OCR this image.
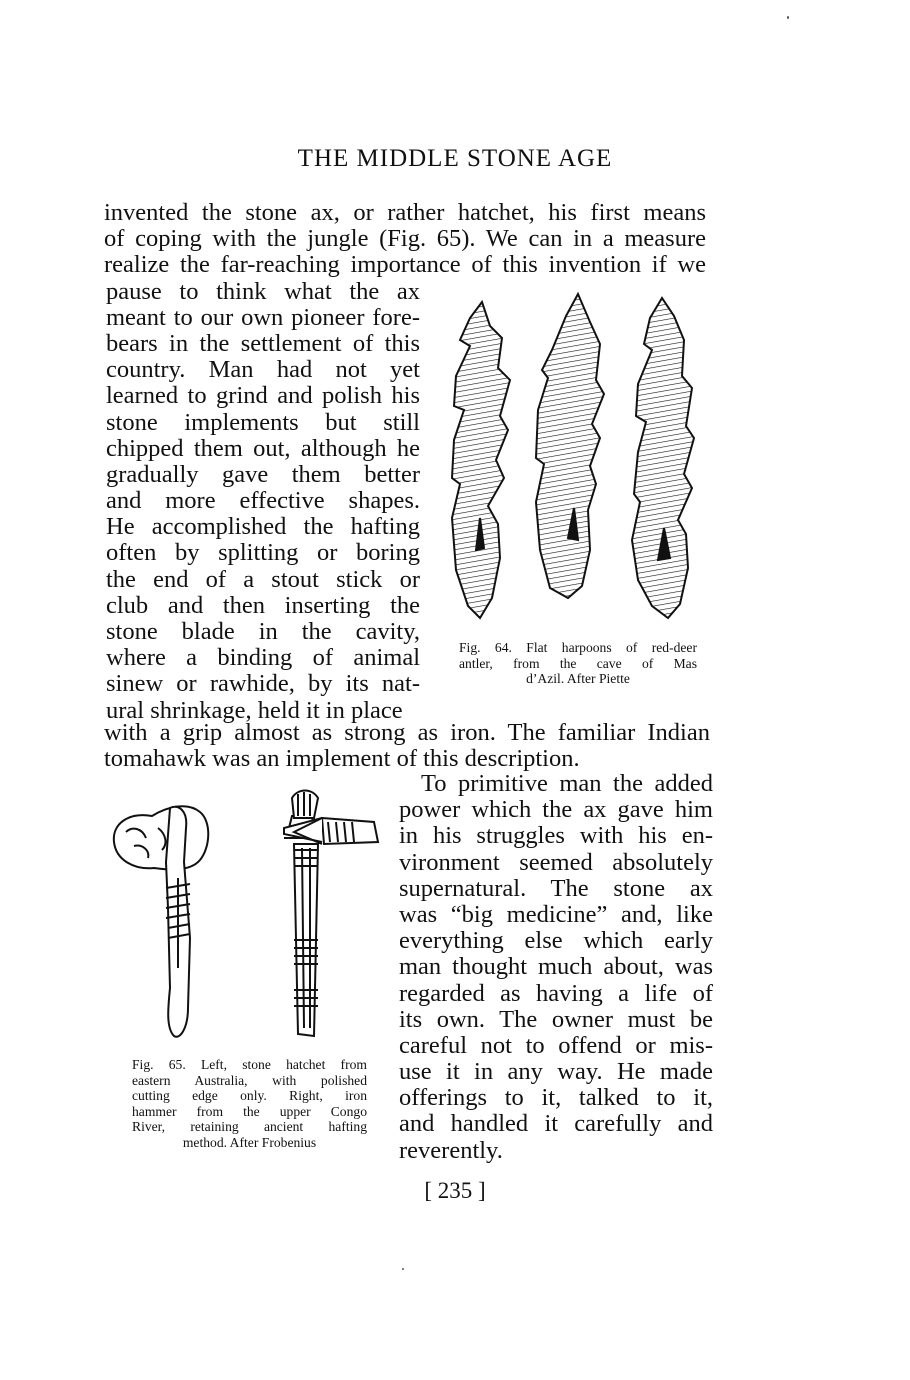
THE MIDDLE STONE AGE
invented the stone ax, or rather hatchet, his first means
of coping with the jungle (Fig. 65). We can in a measure
realize the far-reaching importance of this invention if we
pause to think what the ax
meant to our own pioneer fore-
bears in the settlement of this
country. Man had not yet
learned to grind and polish his
stone implements but still
chipped them out, although he
gradually gave them better
and more effective shapes.
He accomplished the hafting
often by splitting or boring
the end of a stout stick or
club and then inserting the
stone blade in the cavity,
where a binding of animal
sinew or rawhide, by its nat-
ural shrinkage, held it in place
Fig. 64. Flat harpoons of red-deer
antler, from the cave of Mas
d’Azil. After Piette
with a grip almost as strong as iron. The familiar Indian
tomahawk was an implement of this description.
Fig. 65. Left, stone hatchet from
eastern Australia, with polished
cutting edge only. Right, iron
hammer from the upper Congo
River, retaining ancient hafting
method. After Frobenius
To primitive man the added
power which the ax gave him
in his struggles with his en-
vironment seemed absolutely
supernatural. The stone ax
was “big medicine” and, like
everything else which early
man thought much about, was
regarded as having a life of
its own. The owner must be
careful not to offend or mis-
use it in any way. He made
offerings to it, talked to it,
and handled it carefully and
reverently.
[ 235 ]
